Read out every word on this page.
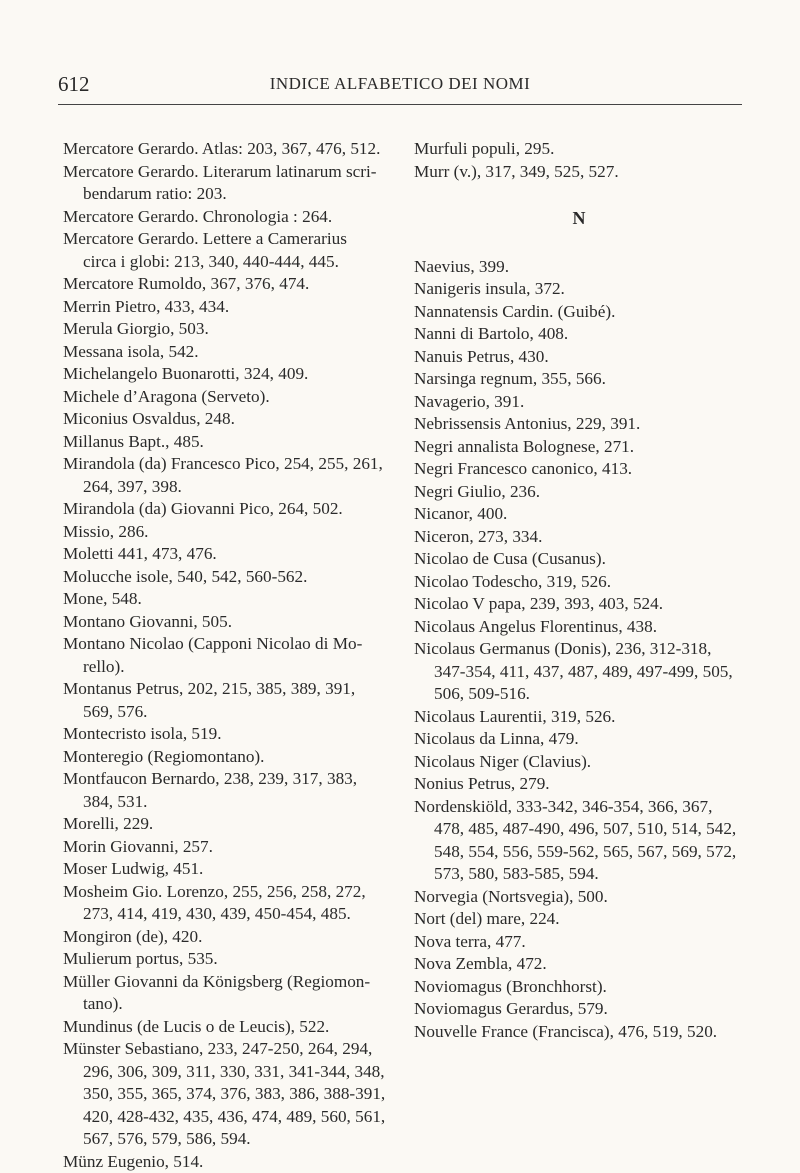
612	INDICE ALFABETICO DEI NOMI
Mercatore Gerardo. Atlas: 203, 367, 476, 512.
Mercatore Gerardo. Literarum latinarum scri-
bendarum ratio: 203.
Mercatore Gerardo. Chronologia : 264.
Mercatore Gerardo. Lettere a Camerarius
circa i globi: 213, 340, 440-444, 445.
Mercatore Rumoldo, 367, 376, 474.
Merrin Pietro, 433, 434.
Merula Giorgio, 503.
Messana isola, 542.
Michelangelo Buonarotti, 324, 409.
Michele d’Aragona (Serveto).
Miconius Osvaldus, 248.
Millanus Bapt., 485.
Mirandola (da) Francesco Pico, 254, 255, 261,
264, 397, 398.
Mirandola (da) Giovanni Pico, 264, 502.
Missio, 286.
Moletti 441, 473, 476.
Molucche isole, 540, 542, 560-562.
Mone, 548.
Montano Giovanni, 505.
Montano Nicolao (Capponi Nicolao di Mo-
rello).
Montanus Petrus, 202, 215, 385, 389, 391,
569, 576.
Montecristo isola, 519.
Monteregio (Regiomontano).
Montfaucon Bernardo, 238, 239, 317, 383,
384, 531.
Morelli, 229.
Morin Giovanni, 257.
Moser Ludwig, 451.
Mosheim Gio. Lorenzo, 255, 256, 258, 272,
273, 414, 419, 430, 439, 450-454, 485.
Mongiron (de), 420.
Mulierum portus, 535.
Müller Giovanni da Königsberg (Regiomon-
tano).
Mundinus (de Lucis o de Leucis), 522.
Münster Sebastiano, 233, 247-250, 264, 294,
296, 306, 309, 311, 330, 331, 341-344, 348,
350, 355, 365, 374, 376, 383, 386, 388-391,
420, 428-432, 435, 436, 474, 489, 560, 561,
567, 576, 579, 586, 594.
Münz Eugenio, 514.
Murfuli populi, 295.
Murr (v.), 317, 349, 525, 527.
N
Naevius, 399.
Nanigeris insula, 372.
Nannatensis Cardin. (Guibé).
Nanni di Bartolo, 408.
Nanuis Petrus, 430.
Narsinga regnum, 355, 566.
Navagerio, 391.
Nebrissensis Antonius, 229, 391.
Negri annalista Bolognese, 271.
Negri Francesco canonico, 413.
Negri Giulio, 236.
Nicanor, 400.
Niceron, 273, 334.
Nicolao de Cusa (Cusanus).
Nicolao Todescho, 319, 526.
Nicolao V papa, 239, 393, 403, 524.
Nicolaus Angelus Florentinus, 438.
Nicolaus Germanus (Donis), 236, 312-318,
347-354, 411, 437, 487, 489, 497-499, 505,
506, 509-516.
Nicolaus Laurentii, 319, 526.
Nicolaus da Linna, 479.
Nicolaus Niger (Clavius).
Nonius Petrus, 279.
Nordenskiöld, 333-342, 346-354, 366, 367,
478, 485, 487-490, 496, 507, 510, 514, 542,
548, 554, 556, 559-562, 565, 567, 569, 572,
573, 580, 583-585, 594.
Norvegia (Nortsvegia), 500.
Nort (del) mare, 224.
Nova terra, 477.
Nova Zembla, 472.
Noviomagus (Bronchhorst).
Noviomagus Gerardus, 579.
Nouvelle France (Francisca), 476, 519, 520.
